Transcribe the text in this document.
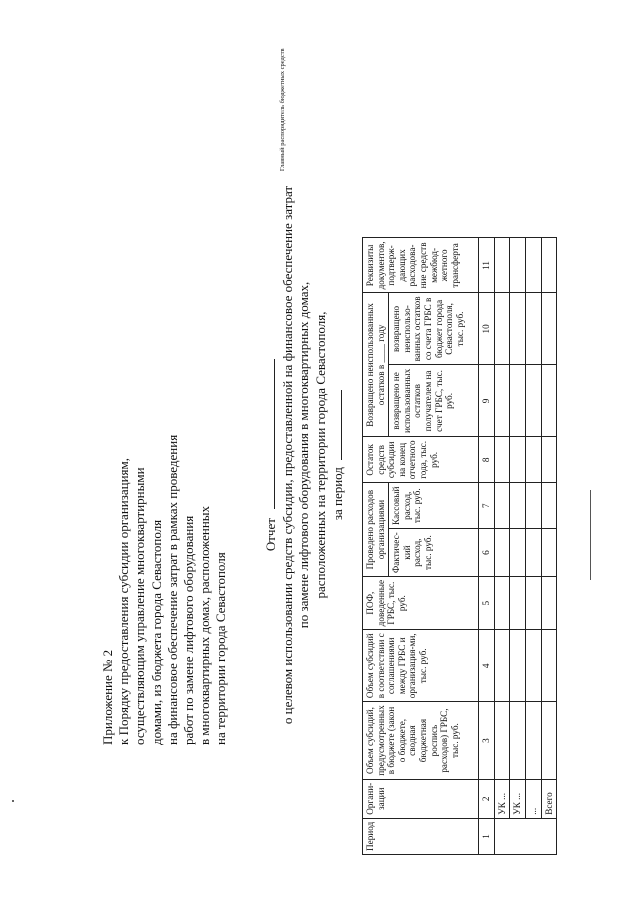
Приложение № 2 к Порядку предоставления субсидии организациям, осуществляющим управление многоквартирными домами, из бюджета города Севастополя на финансовое обеспечение затрат в рамках проведения работ по замене лифтового оборудования в многоквартирных домах, расположенных на территории города Севастополя
Отчет
Главный распорядитель бюджетных средств
о целевом использовании средств субсидии, предоставленной на финансовое обеспечение затрат по замене лифтового оборудования в многоквартирных домах, расположенных на территории города Севастополя, за период
Период	Органи-зации	Объем субсидий, предусмотренных в бюджете (закон о бюджете, сводная бюджетная роспись расходов) ГРБС, тыс. руб.	Объем субсидий в соответствии с соглашениями между ГРБС и организация-ми, тыс. руб.	ПОФ, доведенные ГРБС, тыс. руб.	Проведено расходов организациями		Остаток средств субсидии на конец отчетного года, тыс. руб.	Возвращено неиспользованных остатков в ____ году		Реквизиты документов, подтверж-дающих расходова-ние средств межбюд-жетного трансферта
					Фактичес-кий расход, тыс. руб.	Кассовый расход, тыс. руб.		возвращено не использованных остатков получателем на счет ГРБС, тыс. руб.	возвращено неиспользо-ванных остатков со счета ГРБС в бюджет города Севастополя, тыс. руб.	

1	2	3	4	5	6	7	8	9	10	11
	УК ...									
	УК ...									
	...									
	Всего									
